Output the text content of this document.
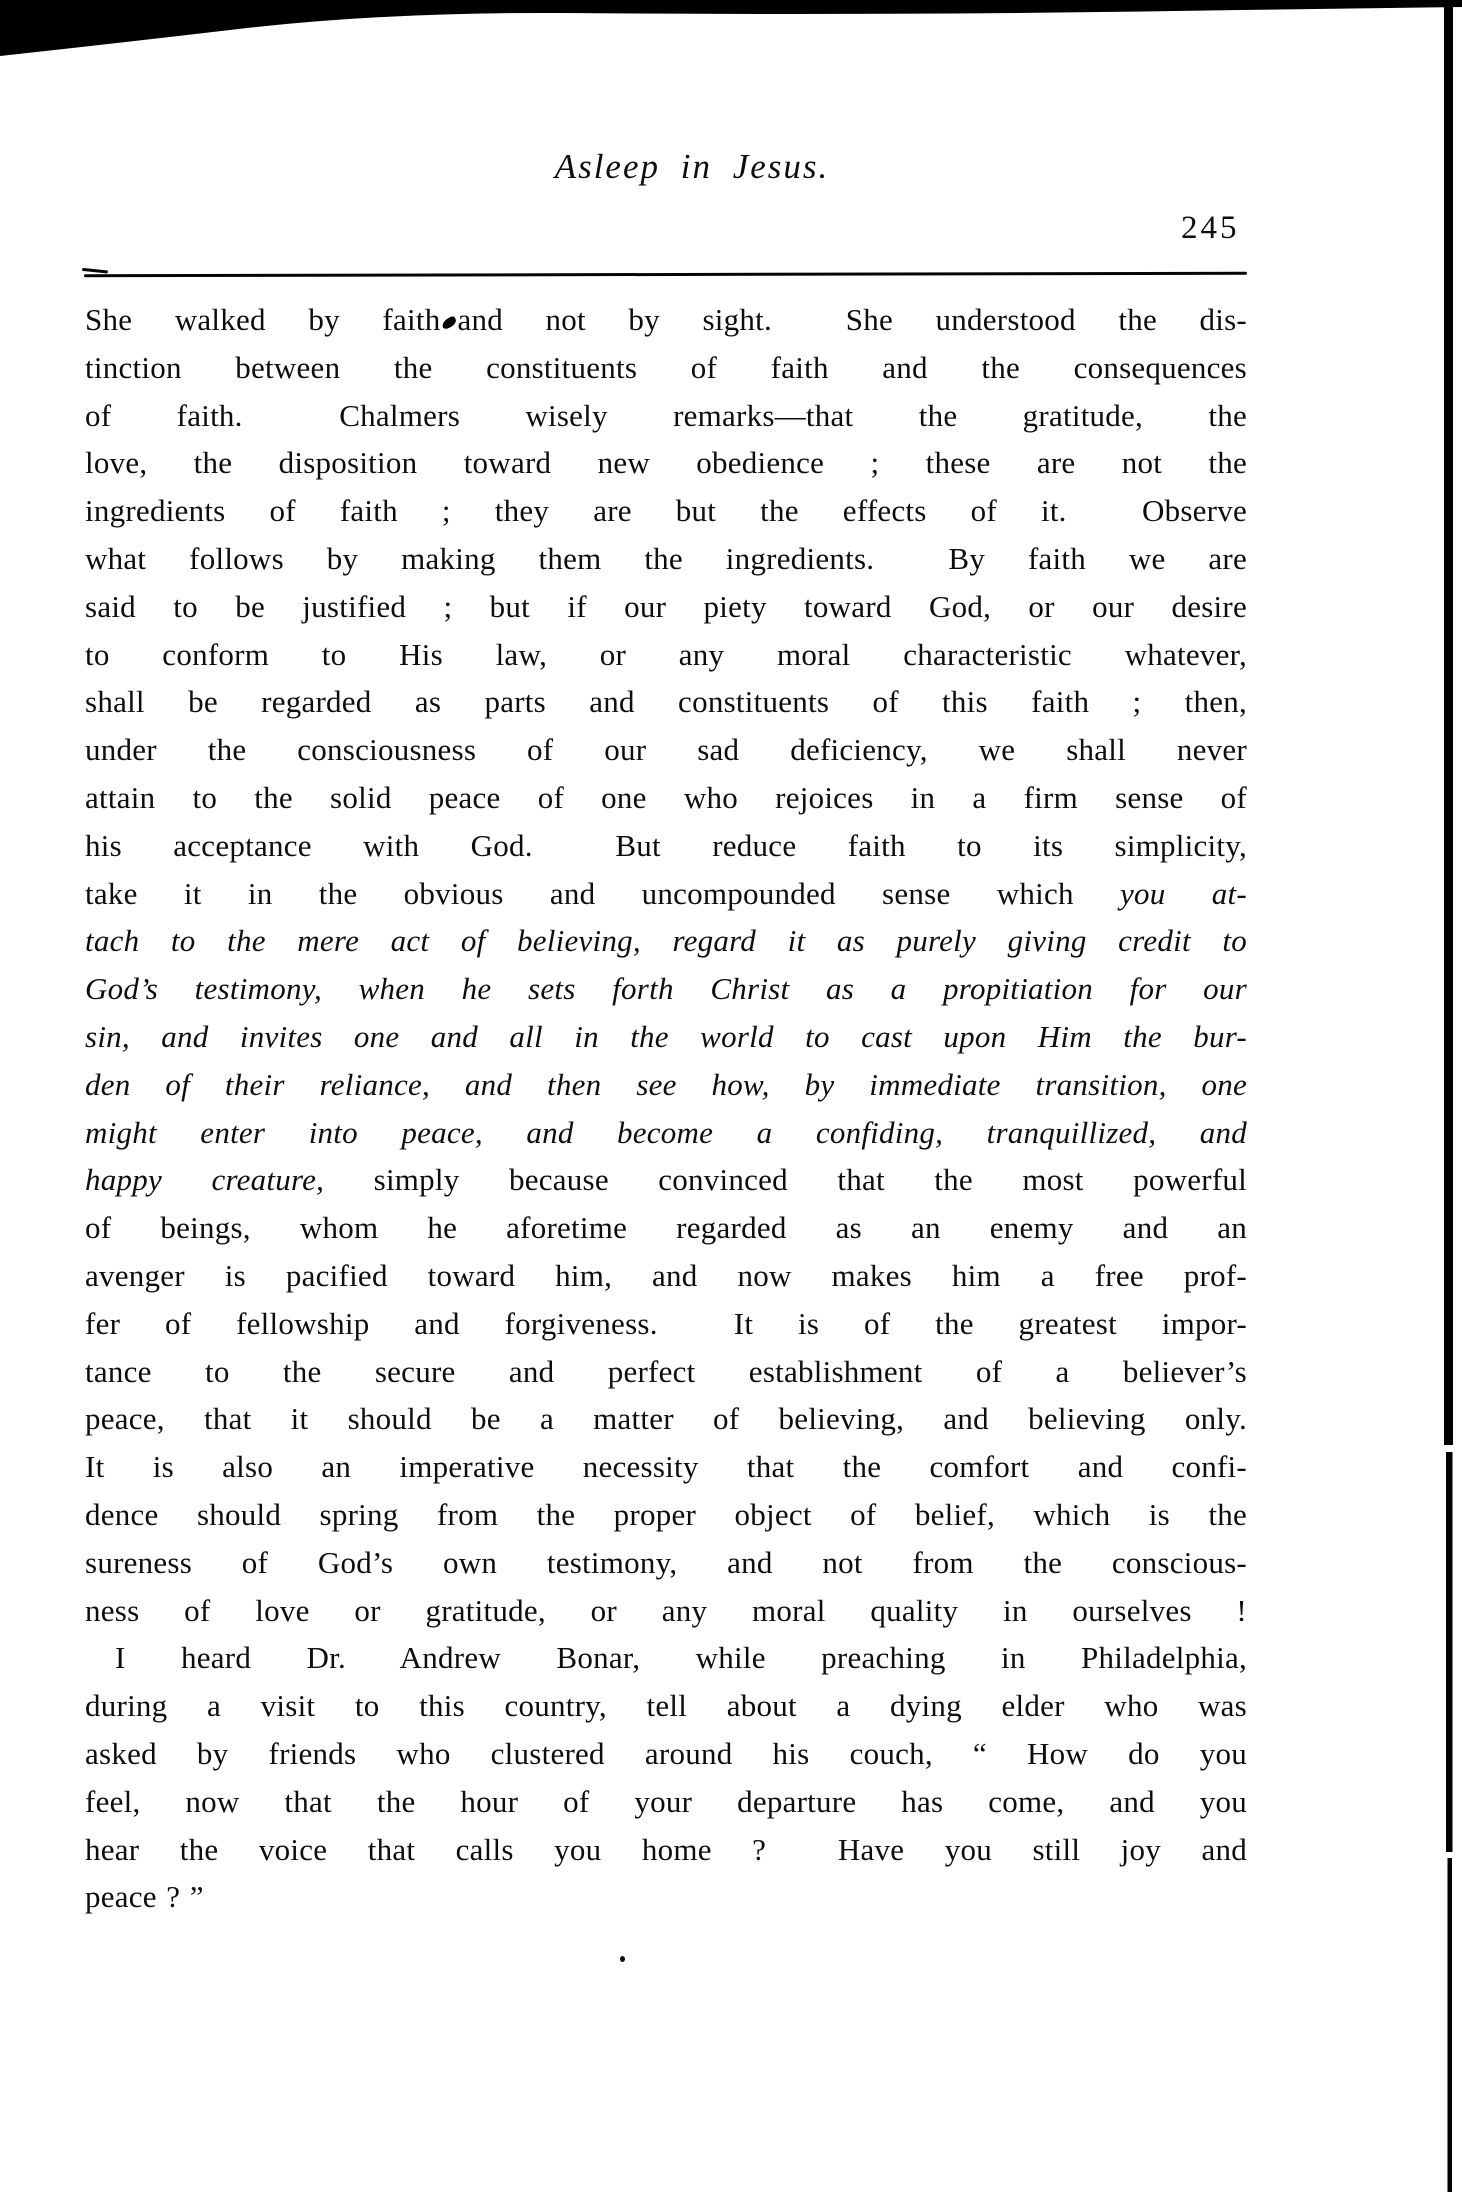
Asleep in Jesus.
245
She walked by faith and not by sight.  She understood the dis-
tinction between the constituents of faith and the consequences
of faith.  Chalmers wisely remarks—that the gratitude, the
love, the disposition toward new obedience ; these are not the
ingredients of faith ; they are but the effects of it.  Observe
what follows by making them the ingredients.  By faith we are
said to be justified ; but if our piety toward God, or our desire
to conform to His law, or any moral characteristic whatever,
shall be regarded as parts and constituents of this faith ; then,
under the consciousness of our sad deficiency, we shall never
attain to the solid peace of one who rejoices in a firm sense of
his acceptance with God.  But reduce faith to its simplicity,
take it in the obvious and uncompounded sense which you at-
tach to the mere act of believing, regard it as purely giving credit to
God’s testimony, when he sets forth Christ as a propitiation for our
sin, and invites one and all in the world to cast upon Him the bur-
den of their reliance, and then see how, by immediate transition, one
might enter into peace, and become a confiding, tranquillized, and
happy creature, simply because convinced that the most powerful
of beings, whom he aforetime regarded as an enemy and an
avenger is pacified toward him, and now makes him a free prof-
fer of fellowship and forgiveness.  It is of the greatest impor-
tance to the secure and perfect establishment of a believer’s
peace, that it should be a matter of believing, and believing only.
It is also an imperative necessity that the comfort and confi-
dence should spring from the proper object of belief, which is the
sureness of God’s own testimony, and not from the conscious-
ness of love or gratitude, or any moral quality in ourselves !
I heard Dr. Andrew Bonar, while preaching in Philadelphia,
during a visit to this country, tell about a dying elder who was
asked by friends who clustered around his couch, “ How do you
feel, now that the hour of your departure has come, and you
hear the voice that calls you home ?  Have you still joy and
peace ? ”
